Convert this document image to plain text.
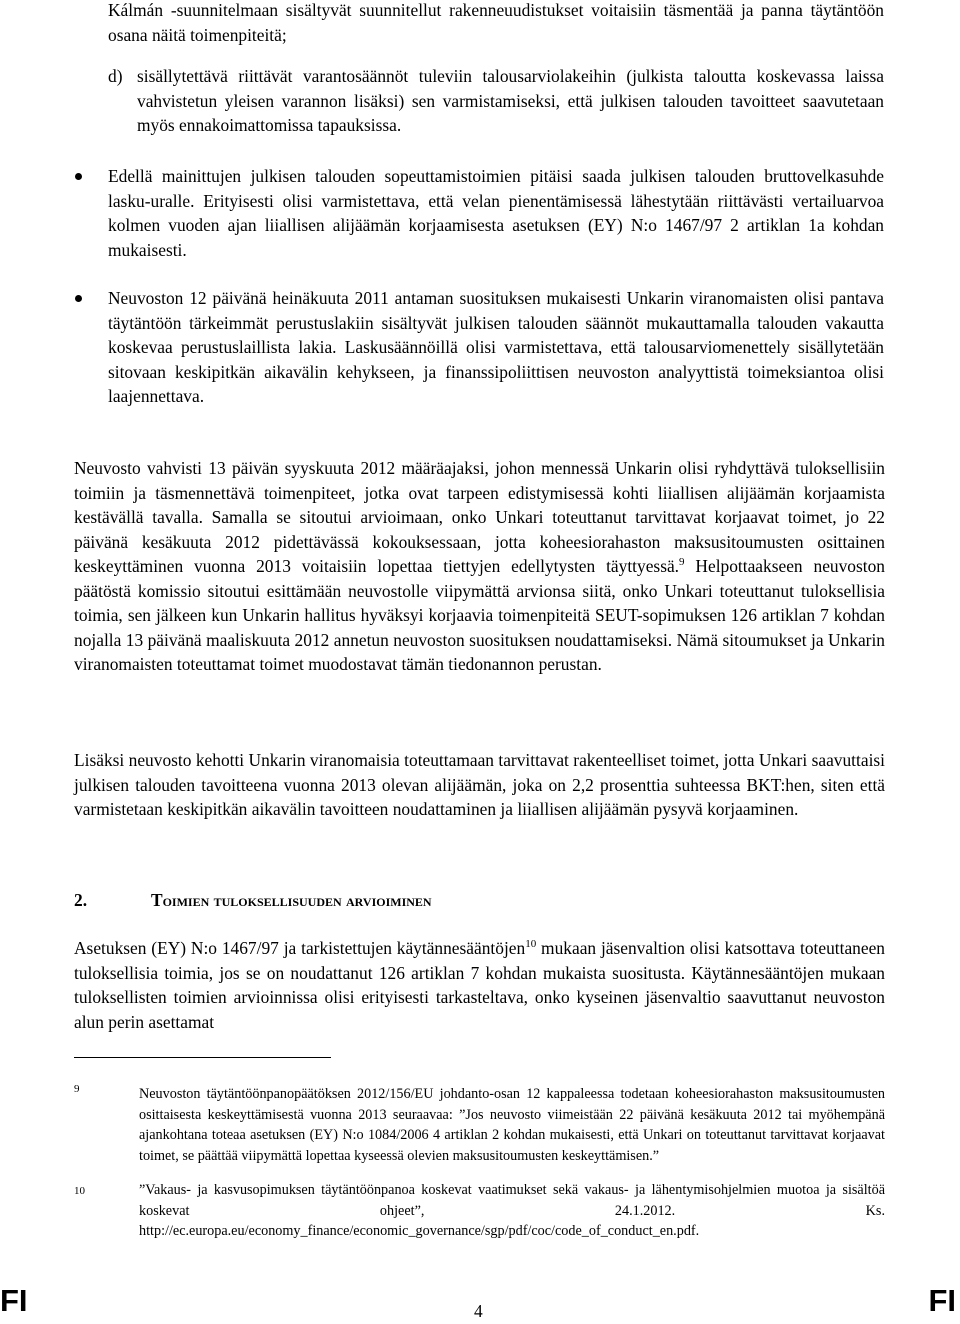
Kálmán -suunnitelmaan sisältyvät suunnitellut rakenneuudistukset voitaisiin täsmentää ja panna täytäntöön osana näitä toimenpiteitä;

d) sisällytettävä riittävät varantosäännöt tuleviin talousarviolakeihin (julkista taloutta koskevassa laissa vahvistetun yleisen varannon lisäksi) sen varmistamiseksi, että julkisen talouden tavoitteet saavutetaan myös ennakoimattomissa tapauksissa.

Edellä mainittujen julkisen talouden sopeuttamistoimien pitäisi saada julkisen talouden bruttovelkasuhde lasku-uralle. Erityisesti olisi varmistettava, että velan pienentämisessä lähestytään riittävästi vertailuarvoa kolmen vuoden ajan liiallisen alijäämän korjaamisesta asetuksen (EY) N:o 1467/97 2 artiklan 1a kohdan mukaisesti.

Neuvoston 12 päivänä heinäkuuta 2011 antaman suosituksen mukaisesti Unkarin viranomaisten olisi pantava täytäntöön tärkeimmät perustuslakiin sisältyvät julkisen talouden säännöt mukauttamalla talouden vakautta koskevaa perustuslaillista lakia. Laskusäännöillä olisi varmistettava, että talousarviomenettely sisällytetään sitovaan keskipitkän aikavälin kehykseen, ja finanssipoliittisen neuvoston analyyttistä toimeksiantoa olisi laajennettava.

Neuvosto vahvisti 13 päivän syyskuuta 2012 määräajaksi, johon mennessä Unkarin olisi ryhdyttävä tuloksellisiin toimiin ja täsmennettävä toimenpiteet, jotka ovat tarpeen edistymisessä kohti liiallisen alijäämän korjaamista kestävällä tavalla. Samalla se sitoutui arvioimaan, onko Unkari toteuttanut tarvittavat korjaavat toimet, jo 22 päivänä kesäkuuta 2012 pidettävässä kokouksessaan, jotta koheesiorahaston maksusitoumusten osittainen keskeyttäminen vuonna 2013 voitaisiin lopettaa tiettyjen edellytysten täyttyessä.$^9$ Helpottaakseen neuvoston päätöstä komissio sitoutui esittämään neuvostolle viipymättä arvionsa siitä, onko Unkari toteuttanut tuloksellisia toimia, sen jälkeen kun Unkarin hallitus hyväksyi korjaavia toimenpiteitä SEUT-sopimuksen 126 artiklan 7 kohdan nojalla 13 päivänä maaliskuuta 2012 annetun neuvoston suosituksen noudattamiseksi. Nämä sitoumukset ja Unkarin viranomaisten toteuttamat toimet muodostavat tämän tiedonannon perustan.

Lisäksi neuvosto kehotti Unkarin viranomaisia toteuttamaan tarvittavat rakenteelliset toimet, jotta Unkari saavuttaisi julkisen talouden tavoitteena vuonna 2013 olevan alijäämän, joka on 2,2 prosenttia suhteessa BKT:hen, siten että varmistetaan keskipitkän aikavälin tavoitteen noudattaminen ja liiallisen alijäämän pysyvä korjaaminen.

2.	Toimien tuloksellisuuden arvioiminen

Asetuksen (EY) N:o 1467/97 ja tarkistettujen käytännesääntöjen$^{10}$ mukaan jäsenvaltion olisi katsottava toteuttaneen tuloksellisia toimia, jos se on noudattanut 126 artiklan 7 kohdan mukaista suositusta. Käytännesääntöjen mukaan tuloksellisten toimien arvioinnissa olisi erityisesti tarkasteltava, onko kyseinen jäsenvaltio saavuttanut neuvoston alun perin asettamat

9	Neuvoston täytäntöönpanopäätöksen 2012/156/EU johdanto-osan 12 kappaleessa todetaan koheesiorahaston maksusitoumusten osittaisesta keskeyttämisestä vuonna 2013 seuraavaa: ”Jos neuvosto viimeistään 22 päivänä kesäkuuta 2012 tai myöhempänä ajankohtana toteaa asetuksen (EY) N:o 1084/2006 4 artiklan 2 kohdan mukaisesti, että Unkari on toteuttanut tarvittavat korjaavat toimet, se päättää viipymättä lopettaa kyseessä olevien maksusitoumusten keskeyttämisen.”

10	”Vakaus- ja kasvusopimuksen täytäntöönpanoa koskevat vaatimukset sekä vakaus- ja lähentymisohjelmien muotoa ja sisältöä koskevat ohjeet”, 24.1.2012. Ks. http://ec.europa.eu/economy_finance/economic_governance/sgp/pdf/coc/code_of_conduct_en.pdf.

FI	4	FI
